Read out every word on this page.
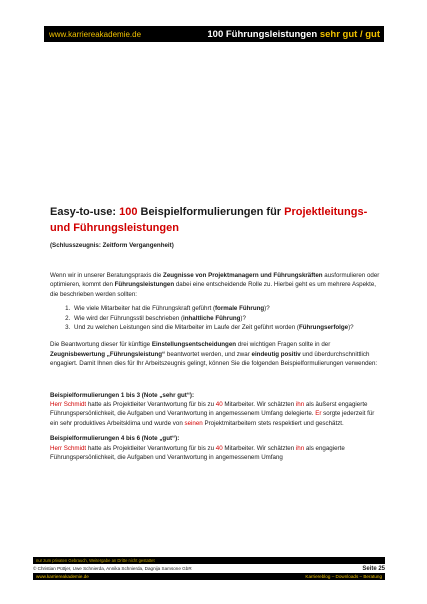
www.karriereakademie.de	100 Führungsleistungen sehr gut / gut
Easy-to-use: 100 Beispielformulierungen für Projektleitungs- und Führungsleistungen
(Schlusszeugnis: Zeitform Vergangenheit)

Wenn wir in unserer Beratungspraxis die Zeugnisse von Projektmanagern und Führungskräften ausformulieren oder optimieren, kommt den Führungsleistungen dabei eine entscheidende Rolle zu. Hierbei geht es um mehrere Aspekte, die beschrieben werden sollten:

1. Wie viele Mitarbeiter hat die Führungskraft geführt (formale Führung)?
2. Wie wird der Führungsstil beschrieben (inhaltliche Führung)?
3. Und zu welchen Leistungen sind die Mitarbeiter im Laufe der Zeit geführt worden (Führungserfolge)?

Die Beantwortung dieser für künftige Einstellungsentscheidungen drei wichtigen Fragen sollte in der Zeugnisbewertung „Führungsleistung“ beantwortet werden, und zwar eindeutig positiv und überdurchschnittlich engagiert. Damit Ihnen dies für Ihr Arbeitszeugnis gelingt, können Sie die folgenden Beispielformulierungen verwenden:

Beispielformulierungen 1 bis 3 (Note „sehr gut“):

Herr Schmidt hatte als Projektleiter Verantwortung für bis zu 40 Mitarbeiter. Wir schätzten ihn als äußerst engagierte Führungspersönlichkeit, die Aufgaben und Verantwortung in angemessenem Umfang delegierte. Er sorgte jederzeit für ein sehr produktives Arbeitsklima und wurde von seinen Projektmitarbeitern stets respektiert und geschätzt.

Beispielformulierungen 4 bis 6 (Note „gut“):

Herr Schmidt hatte als Projektleiter Verantwortung für bis zu 40 Mitarbeiter. Wir schätzten ihn als engagierte Führungspersönlichkeit, die Aufgaben und Verantwortung in angemessenem Umfang

nur zum privaten Gebrauch, Weitergabe an Dritte nicht gestattet
© Christian Püttjer, Uwe Schnierda, Annika Schnierda, Dagnija Samsone GbR	Seite 25
www.karriereakademie.de	Karriereblog – Downloads – Beratung
